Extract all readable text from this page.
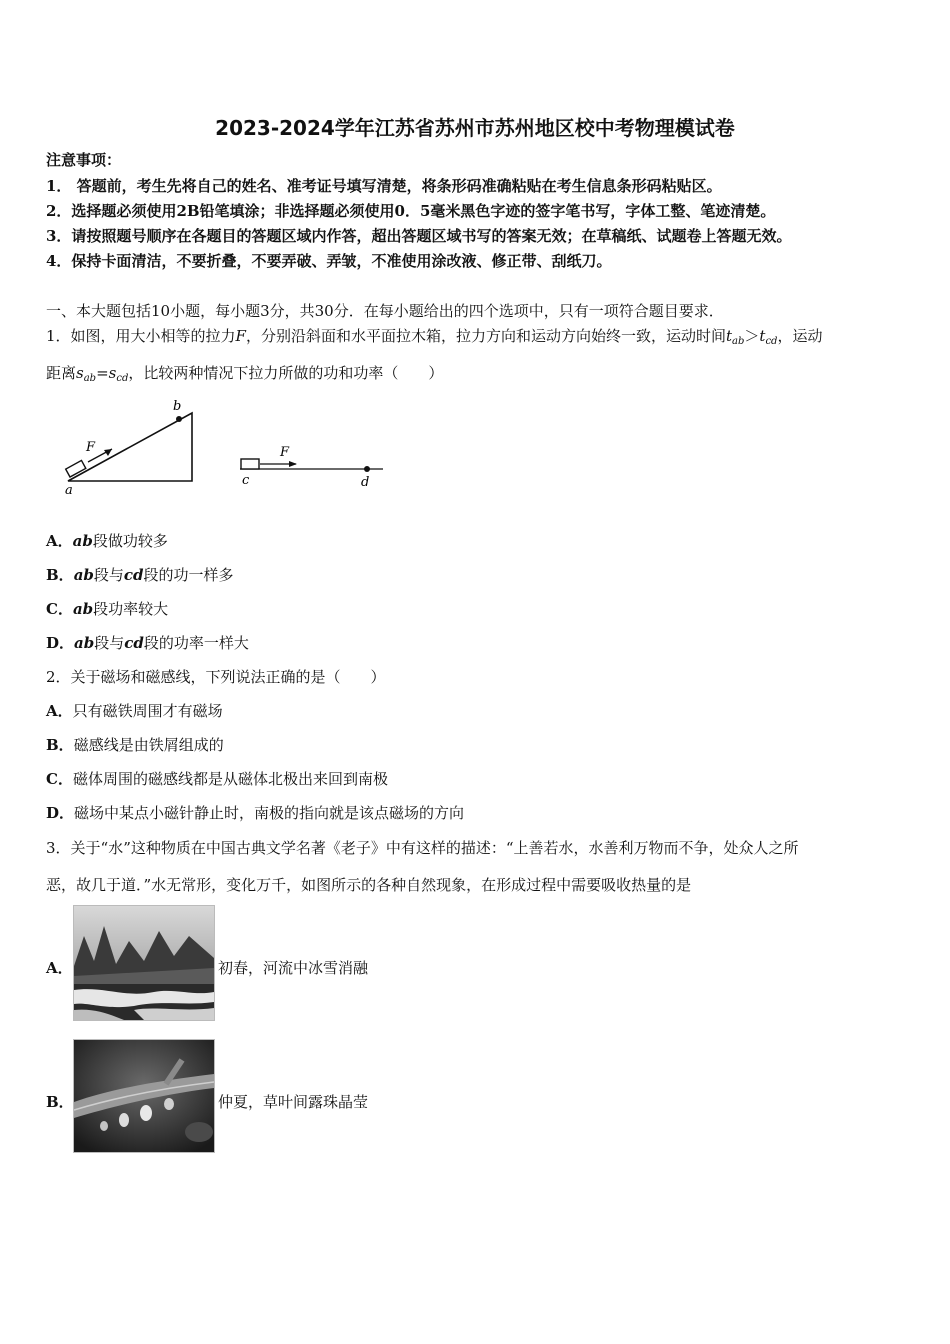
2023-2024学年江苏省苏州市苏州地区校中考物理模试卷
注意事项：
1． 答题前，考生先将自己的姓名、准考证号填写清楚，将条形码准确粘贴在考生信息条形码粘贴区。
2．选择题必须使用2B铅笔填涂；非选择题必须使用0．5毫米黑色字迹的签字笔书写，字体工整、笔迹清楚。
3．请按照题号顺序在各题目的答题区域内作答，超出答题区域书写的答案无效；在草稿纸、试题卷上答题无效。
4．保持卡面清洁，不要折叠，不要弄破、弄皱，不准使用涂改液、修正带、刮纸刀。
一、本大题包括10小题，每小题3分，共30分．在每小题给出的四个选项中，只有一项符合题目要求．
1．如图，用大小相等的拉力F，分别沿斜面和水平面拉木箱，拉力方向和运动方向始终一致，运动时间$t_{ab}>t_{cd}$，运动
距离$s_{ab}=s_{cd}$，比较两种情况下拉力所做的功和功率（　　）
b
a
F	F
c	d
A．ab段做功较多
B．ab段与cd段的功一样多
C．ab段功率较大
D．ab段与cd段的功率一样大
2．关于磁场和磁感线，下列说法正确的是（　　）
A．只有磁铁周围才有磁场
B．磁感线是由铁屑组成的
C．磁体周围的磁感线都是从磁体北极出来回到南极
D．磁场中某点小磁针静止时，南极的指向就是该点磁场的方向
3．关于“水”这种物质在中国古典文学名著《老子》中有这样的描述：“上善若水，水善利万物而不争，处众人之所
恶，故几于道．”水无常形，变化万千，如图所示的各种自然现象，在形成过程中需要吸收热量的是
A．	初春，河流中冰雪消融
B．	仲夏，草叶间露珠晶莹
